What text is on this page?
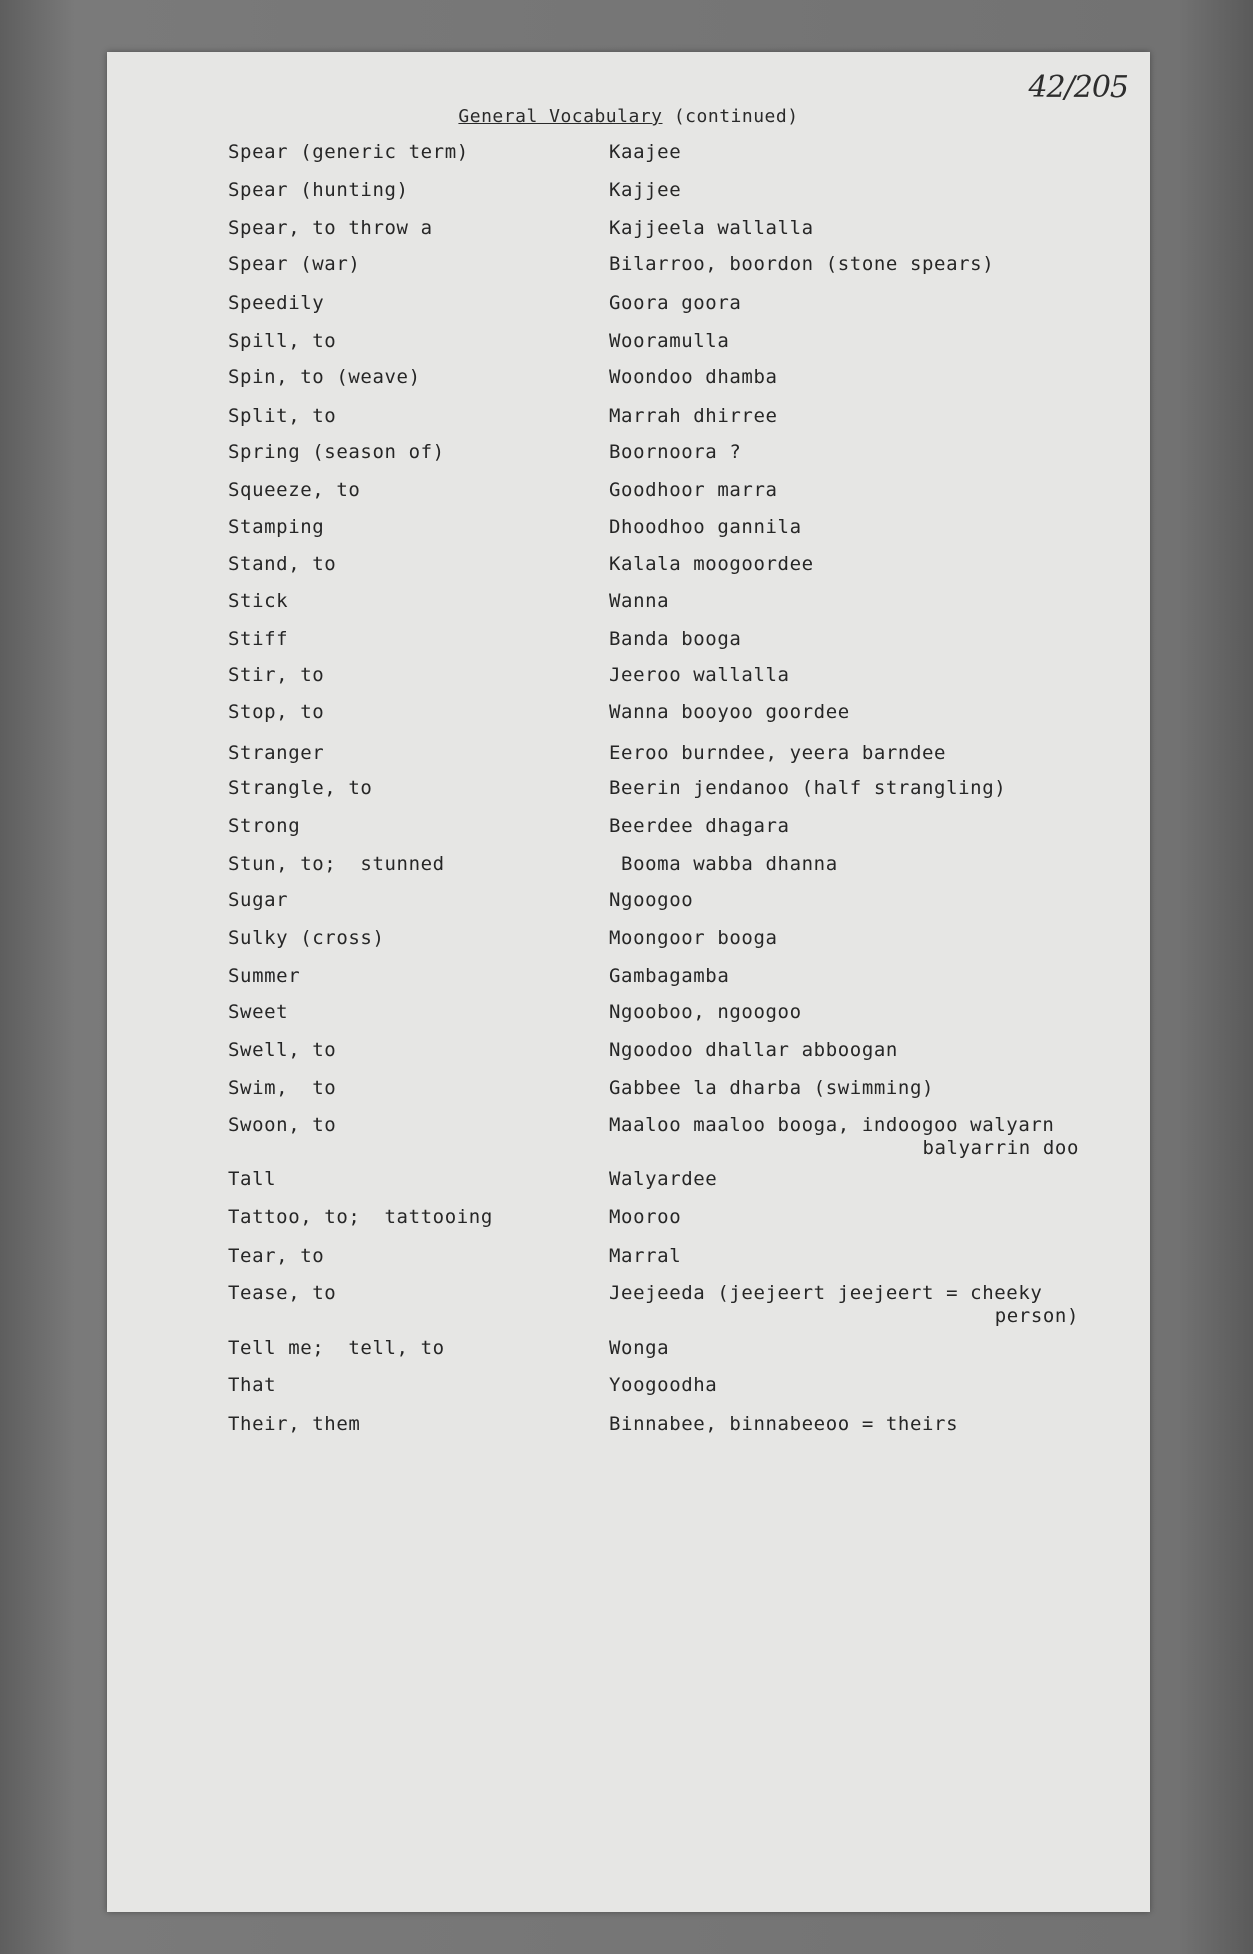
42/205
General Vocabulary (continued)
Spear (generic term)	Kaajee
Spear (hunting)	Kajjee
Spear, to throw a	Kajjeela wallalla
Spear (war)	Bilarroo, boordon (stone spears)
Speedily	Goora goora
Spill, to	Wooramulla
Spin, to (weave)	Woondoo dhamba
Split, to	Marrah dhirree
Spring (season of)	Boornoora ?
Squeeze, to	Goodhoor marra
Stamping	Dhoodhoo gannila
Stand, to	Kalala moogoordee
Stick	Wanna
Stiff	Banda booga
Stir, to	Jeeroo wallalla
Stop, to	Wanna booyoo goordee
Stranger	Eeroo burndee, yeera barndee
Strangle, to	Beerin jendanoo (half strangling)
Strong	Beerdee dhagara
Stun, to;  stunned	Booma wabba dhanna
Sugar	Ngoogoo
Sulky (cross)	Moongoor booga
Summer	Gambagamba
Sweet	Ngooboo, ngoogoo
Swell, to	Ngoodoo dhallar abboogan
Swim,  to	Gabbee la dharba (swimming)
Swoon, to	Maaloo maaloo booga, indoogoo walyarn
balyarrin doo
Tall	Walyardee
Tattoo, to;  tattooing	Mooroo
Tear, to	Marral
Tease, to	Jeejeeda (jeejeert jeejeert = cheeky
person)
Tell me;  tell, to	Wonga
That	Yoogoodha
Their, them	Binnabee, binnabeeoo = theirs
